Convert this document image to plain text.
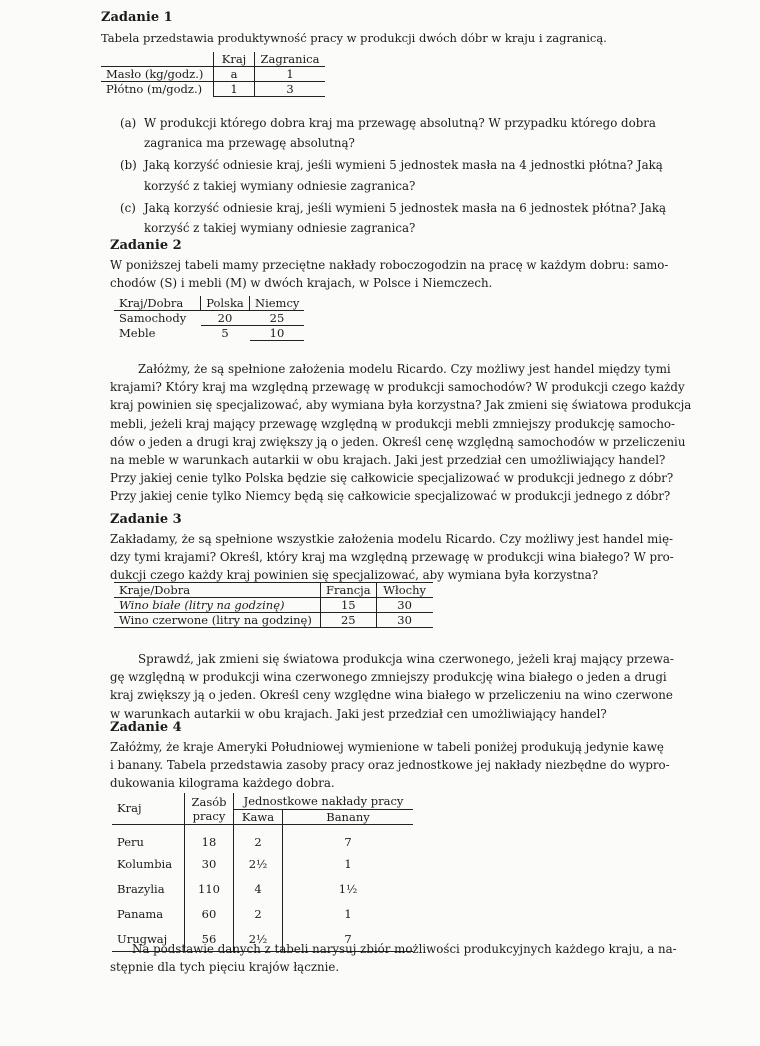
Zadanie 1
Tabela przedstawia produktywność pracy w produkcji dwóch dóbr w kraju i zagranicą.
	Kraj	Zagranica
Masło (kg/godz.)	a	1
Płótno (m/godz.)	1	3
(a) W produkcji którego dobra kraj ma przewagę absolutną? W przypadku którego dobra
zagranica ma przewagę absolutną?
(b) Jaką korzyść odniesie kraj, jeśli wymieni 5 jednostek masła na 4 jednostki płótna? Jaką
korzyść z takiej wymiany odniesie zagranica?
(c) Jaką korzyść odniesie kraj, jeśli wymieni 5 jednostek masła na 6 jednostek płótna? Jaką
korzyść z takiej wymiany odniesie zagranica?
Zadanie 2
W poniższej tabeli mamy przeciętne nakłady roboczogodzin na pracę w każdym dobru: samo-
chodów (S) i mebli (M) w dwóch krajach, w Polsce i Niemczech.
Kraj/Dobra	Polska	Niemcy
Samochody	20	25
Meble	5	10
Załóżmy, że są spełnione założenia modelu Ricardo. Czy możliwy jest handel między tymi
krajami? Który kraj ma względną przewagę w produkcji samochodów? W produkcji czego każdy
kraj powinien się specjalizować, aby wymiana była korzystna? Jak zmieni się światowa produkcja
mebli, jeżeli kraj mający przewagę względną w produkcji mebli zmniejszy produkcję samocho-
dów o jeden a drugi kraj zwiększy ją o jeden. Określ cenę względną samochodów w przeliczeniu
na meble w warunkach autarkii w obu krajach. Jaki jest przedział cen umożliwiający handel?
Przy jakiej cenie tylko Polska będzie się całkowicie specjalizować w produkcji jednego z dóbr?
Przy jakiej cenie tylko Niemcy będą się całkowicie specjalizować w produkcji jednego z dóbr?
Zadanie 3
Zakładamy, że są spełnione wszystkie założenia modelu Ricardo. Czy możliwy jest handel mię-
dzy tymi krajami? Określ, który kraj ma względną przewagę w produkcji wina białego? W pro-
dukcji czego każdy kraj powinien się specjalizować, aby wymiana była korzystna?
Kraje/Dobra	Francja	Włochy
Wino białe (litry na godzinę)	15	30
Wino czerwone (litry na godzinę)	25	30
Sprawdź, jak zmieni się światowa produkcja wina czerwonego, jeżeli kraj mający przewa-
gę względną w produkcji wina czerwonego zmniejszy produkcję wina białego o jeden a drugi
kraj zwiększy ją o jeden. Określ ceny względne wina białego w przeliczeniu na wino czerwone
w warunkach autarkii w obu krajach. Jaki jest przedział cen umożliwiający handel?
Zadanie 4
Załóżmy, że kraje Ameryki Południowej wymienione w tabeli poniżej produkują jedynie kawę
i banany. Tabela przedstawia zasoby pracy oraz jednostkowe jej nakłady niezbędne do wypro-
dukowania kilograma każdego dobra.
Kraj	Zasób	Jednostkowe nakłady pracy	
	pracy	Kawa	Banany
Peru	18	2	7
Kolumbia	30	2½	1
Brazylia	110	4	1½
Panama	60	2	1
Urugwaj	56	2½	7
Na podstawie danych z tabeli narysuj zbiór możliwości produkcyjnych każdego kraju, a na-
stępnie dla tych pięciu krajów łącznie.
